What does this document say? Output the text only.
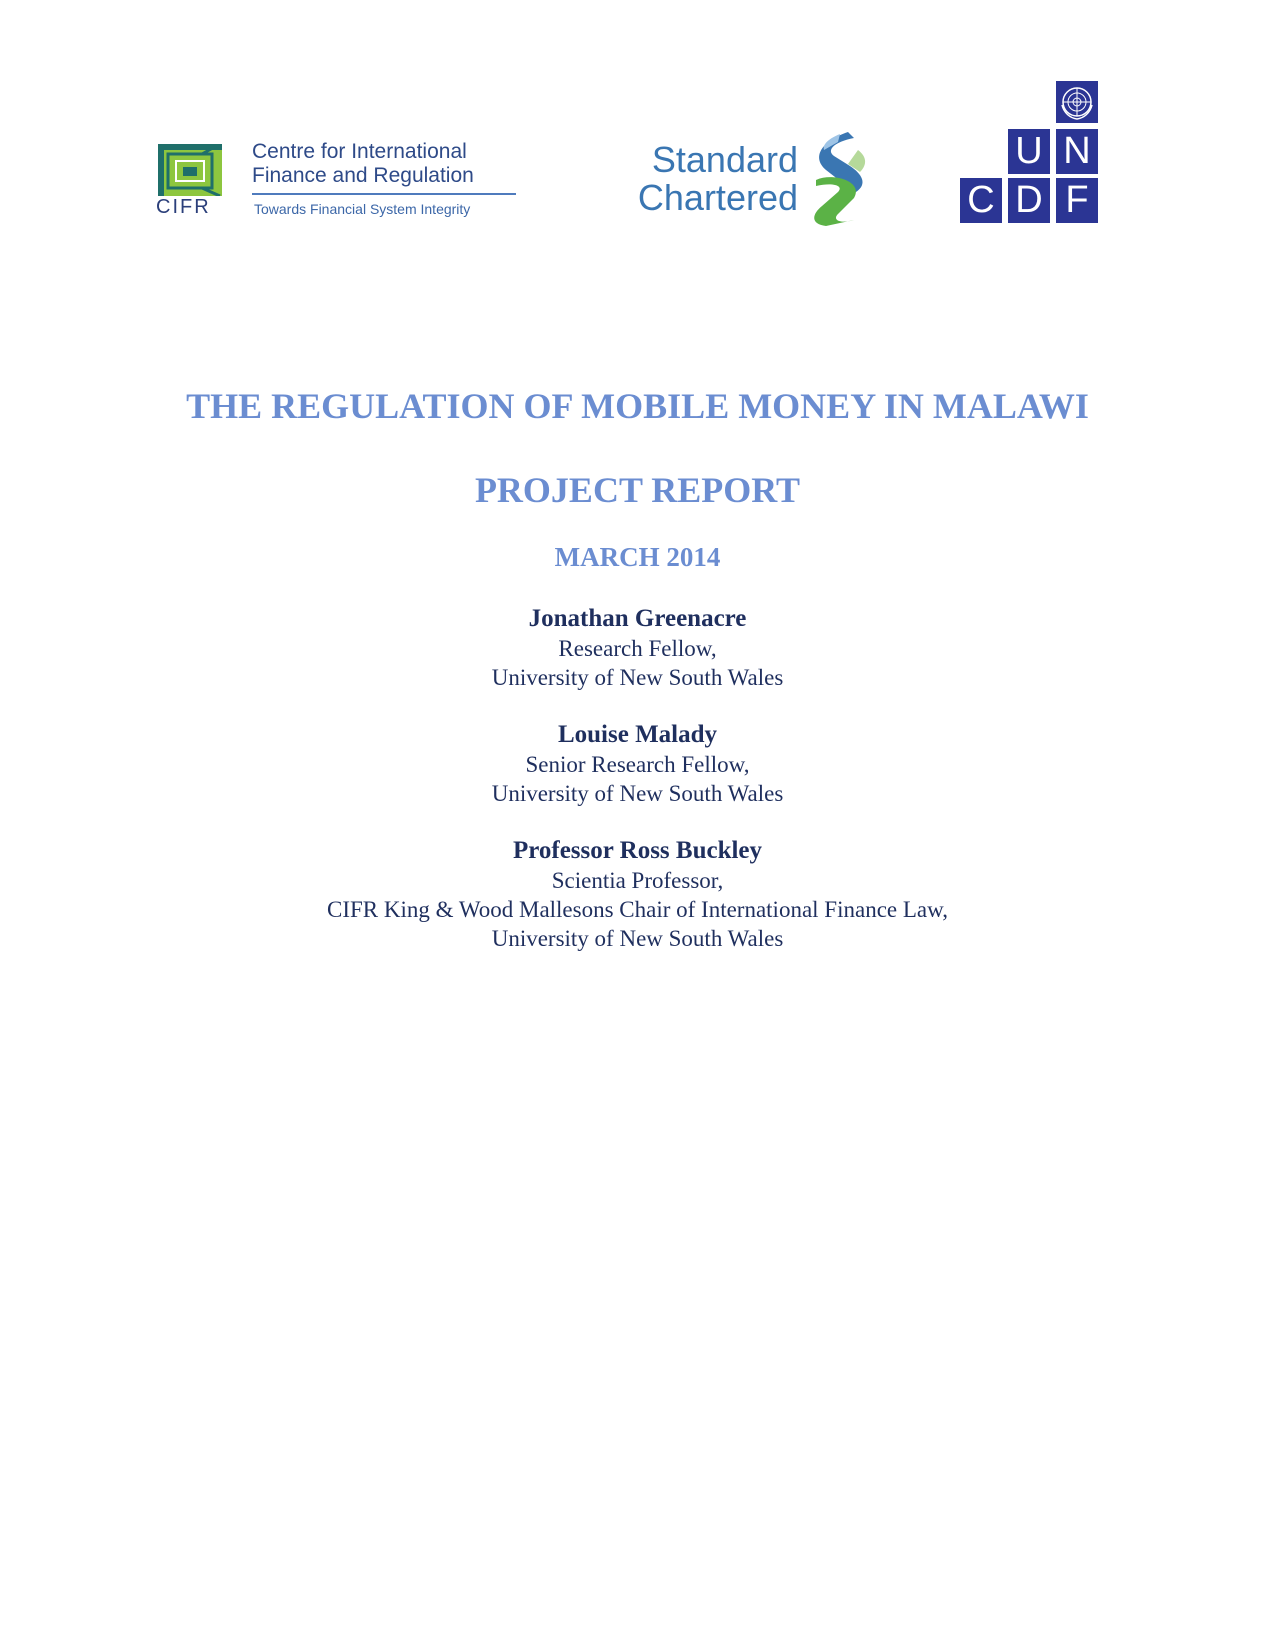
CIFR
Centre for International
Finance and Regulation
Towards Financial System Integrity
Standard
Chartered
U N
C D F
THE REGULATION OF MOBILE MONEY IN MALAWI
PROJECT REPORT
MARCH 2014
Jonathan Greenacre
Research Fellow,
University of New South Wales
Louise Malady
Senior Research Fellow,
University of New South Wales
Professor Ross Buckley
Scientia Professor,
CIFR King & Wood Mallesons Chair of International Finance Law,
University of New South Wales
